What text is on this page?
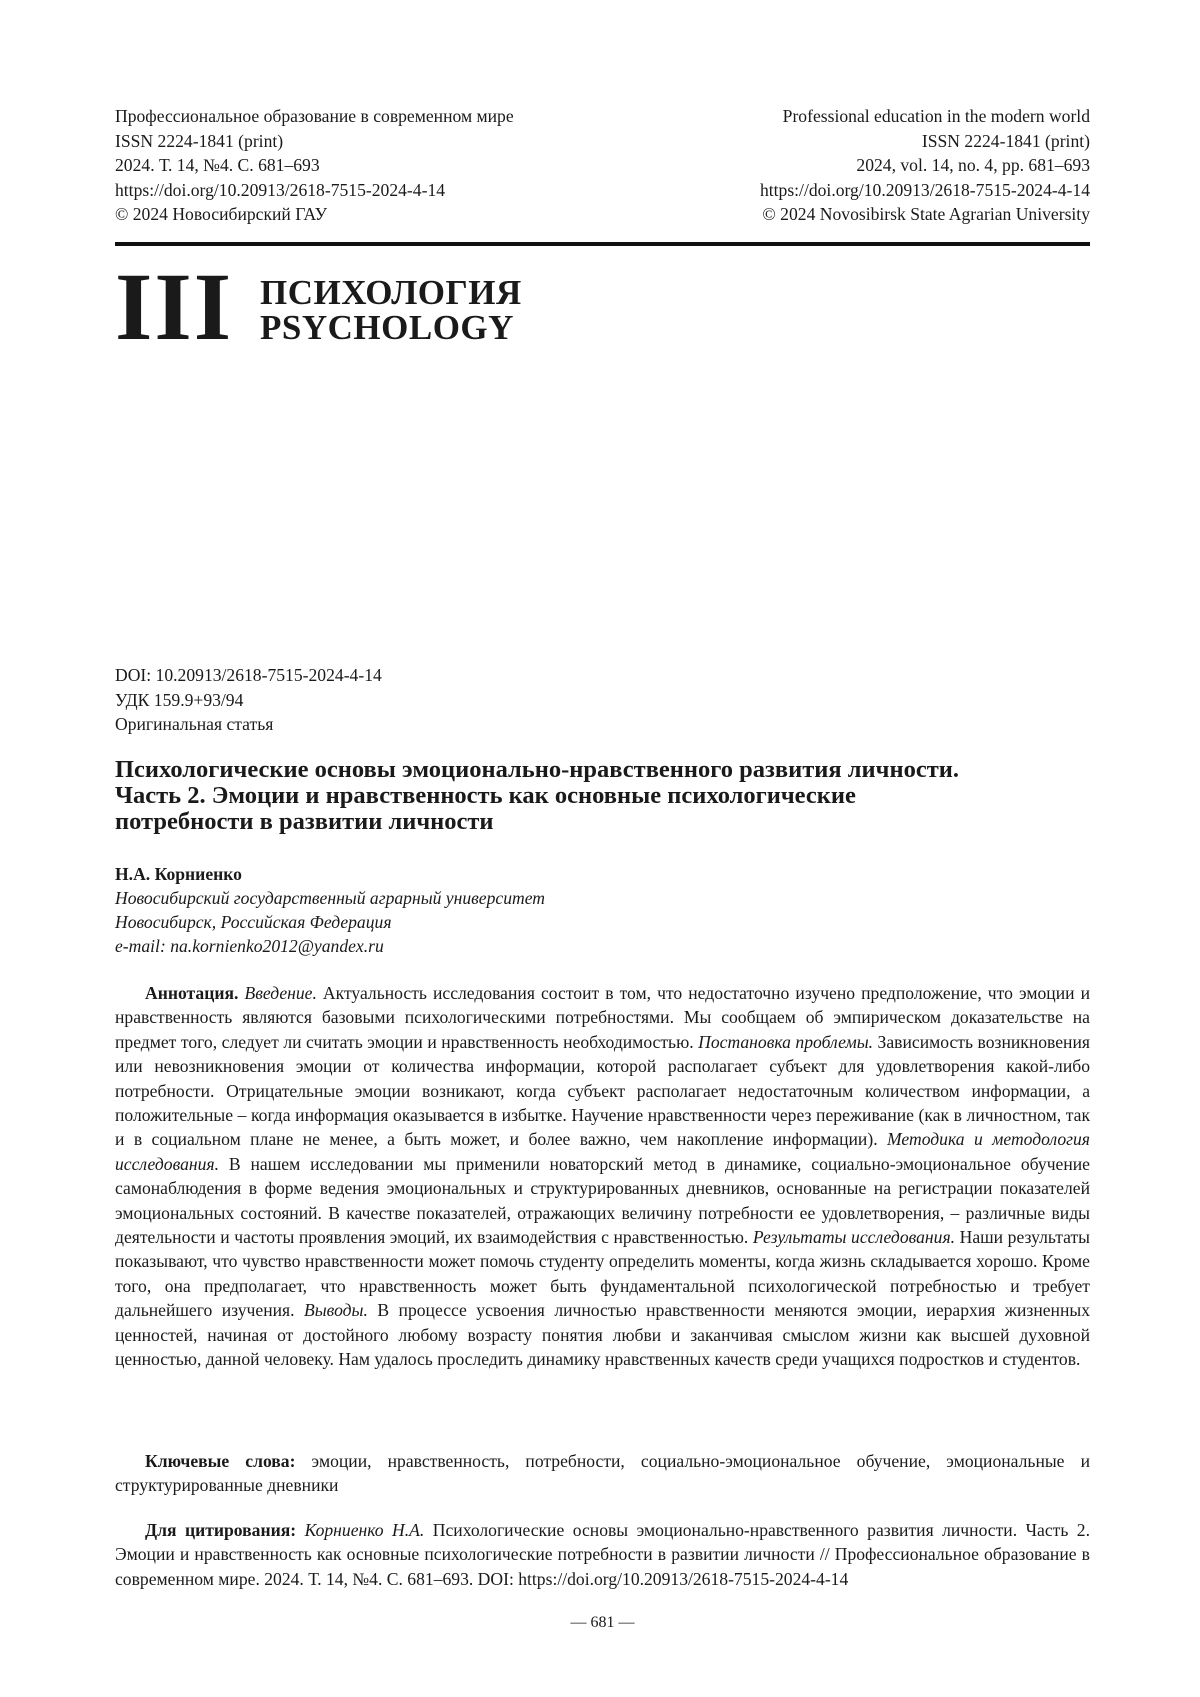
Профессиональное образование в современном мире
ISSN 2224-1841 (print)
2024. Т. 14, №4. С. 681–693
https://doi.org/10.20913/2618-7515-2024-4-14
© 2024 Новосибирский ГАУ
Professional education in the modern world
ISSN 2224-1841 (print)
2024, vol. 14, no. 4, pp. 681–693
https://doi.org/10.20913/2618-7515-2024-4-14
© 2024 Novosibirsk State Agrarian University
III ПСИХОЛОГИЯ
PSYCHOLOGY
DOI: 10.20913/2618-7515-2024-4-14
УДК 159.9+93/94
Оригинальная статья
Психологические основы эмоционально-нравственного развития личности.
Часть 2. Эмоции и нравственность как основные психологические
потребности в развитии личности
Н.А. Корниенко
Новосибирский государственный аграрный университет
Новосибирск, Российская Федерация
e-mail: na.kornienko2012@yandex.ru

Аннотация. Введение. Актуальность исследования состоит в том, что недостаточно изучено предположение, что эмоции и нравственность являются базовыми психологическими потребностями. Мы сообщаем об эмпирическом доказательстве на предмет того, следует ли считать эмоции и нравственность необходимостью. Постановка проблемы. Зависимость возникновения или невозникновения эмоции от количества информации, которой располагает субъект для удовлетворения какой-либо потребности. Отрицательные эмоции возникают, когда субъект располагает недостаточным количеством информации, а положительные – когда информация оказывается в избытке. Научение нравственности через переживание (как в личностном, так и в социальном плане не менее, а быть может, и более важно, чем накопление информации). Методика и методология исследования. В нашем исследовании мы применили новаторский метод в динамике, социально-эмоциональное обучение самонаблюдения в форме ведения эмоциональных и структурированных дневников, основанные на регистрации показателей эмоциональных состояний. В качестве показателей, отражающих величину потребности ее удовлетворения, – различные виды деятельности и частоты проявления эмоций, их взаимодействия с нравственностью. Результаты исследования. Наши результаты показывают, что чувство нравственности может помочь студенту определить моменты, когда жизнь складывается хорошо. Кроме того, она предполагает, что нравственность может быть фундаментальной психологической потребностью и требует дальнейшего изучения. Выводы. В процессе усвоения личностью нравственности меняются эмоции, иерархия жизненных ценностей, начиная от достойного любому возрасту понятия любви и заканчивая смыслом жизни как высшей духовной ценностью, данной человеку. Нам удалось проследить динамику нравственных качеств среди учащихся подростков и студентов.

Ключевые слова: эмоции, нравственность, потребности, социально-эмоциональное обучение, эмоциональные и структурированные дневники

Для цитирования: Корниенко Н.А. Психологические основы эмоционально-нравственного развития личности. Часть 2. Эмоции и нравственность как основные психологические потребности в развитии личности // Профессиональное образование в современном мире. 2024. Т. 14, №4. С. 681–693. DOI: https://doi.org/10.20913/2618-7515-2024-4-14

— 681 —
